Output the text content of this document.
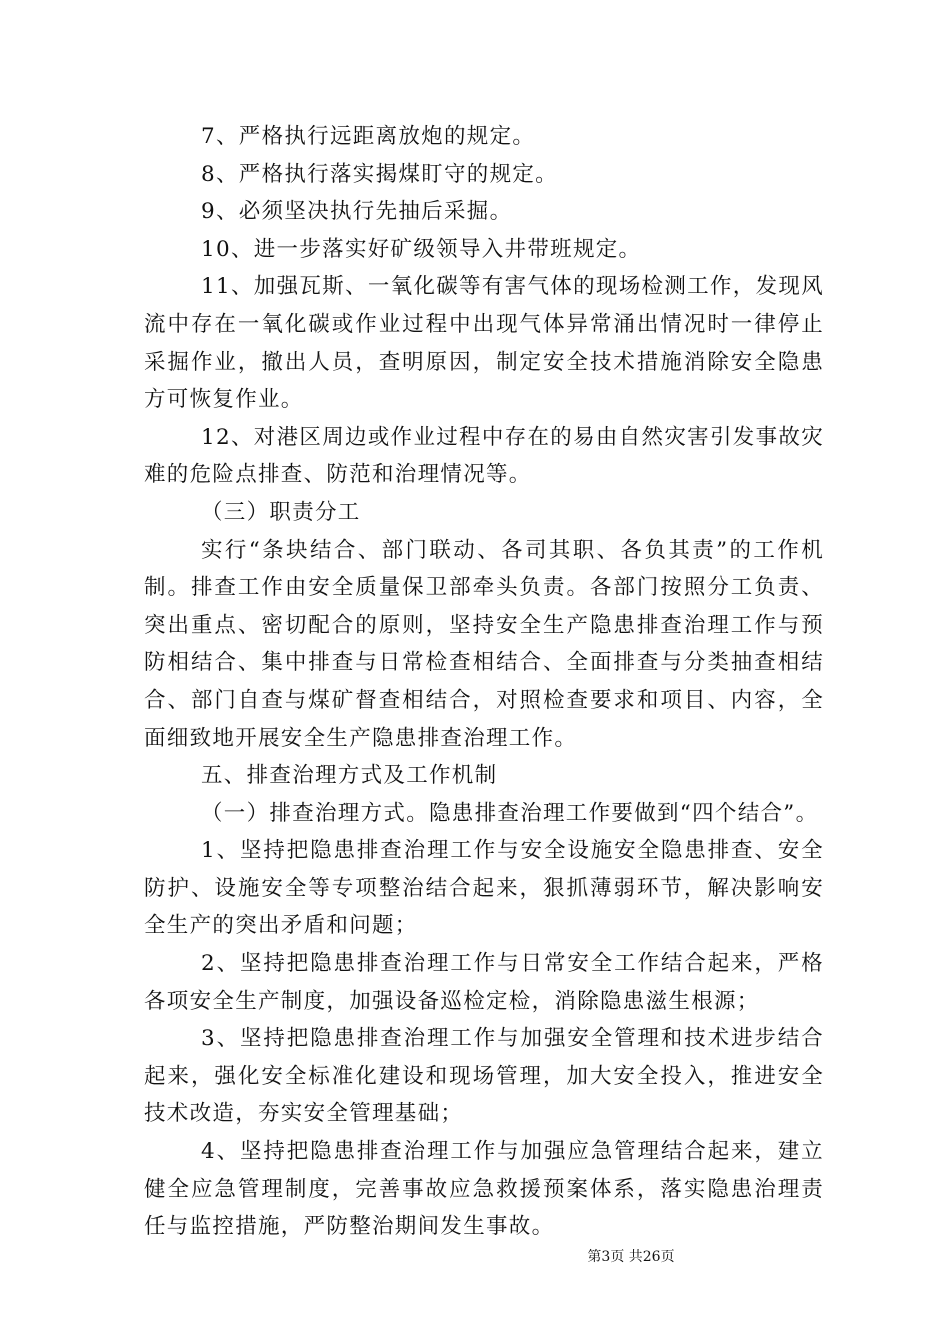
7、严格执行远距离放炮的规定。

8、严格执行落实揭煤盯守的规定。

9、必须坚决执行先抽后采掘。

10、进一步落实好矿级领导入井带班规定。

11、加强瓦斯、一氧化碳等有害气体的现场检测工作，发现风流中存在一氧化碳或作业过程中出现气体异常涌出情况时一律停止采掘作业，撤出人员，查明原因，制定安全技术措施消除安全隐患方可恢复作业。

12、对港区周边或作业过程中存在的易由自然灾害引发事故灾难的危险点排查、防范和治理情况等。

（三）职责分工

实行“条块结合、部门联动、各司其职、各负其责”的工作机制。排查工作由安全质量保卫部牵头负责。各部门按照分工负责、突出重点、密切配合的原则，坚持安全生产隐患排查治理工作与预防相结合、集中排查与日常检查相结合、全面排查与分类抽查相结合、部门自查与煤矿督查相结合，对照检查要求和项目、内容，全面细致地开展安全生产隐患排查治理工作。

五、排查治理方式及工作机制

（一）排查治理方式。隐患排查治理工作要做到“四个结合”。

1、坚持把隐患排查治理工作与安全设施安全隐患排查、安全防护、设施安全等专项整治结合起来，狠抓薄弱环节，解决影响安全生产的突出矛盾和问题；

2、坚持把隐患排查治理工作与日常安全工作结合起来，严格各项安全生产制度，加强设备巡检定检，消除隐患滋生根源；

3、坚持把隐患排查治理工作与加强安全管理和技术进步结合起来，强化安全标准化建设和现场管理，加大安全投入，推进安全技术改造，夯实安全管理基础；

4、坚持把隐患排查治理工作与加强应急管理结合起来，建立健全应急管理制度，完善事故应急救援预案体系，落实隐患治理责任与监控措施，严防整治期间发生事故。

第3页 共26页
